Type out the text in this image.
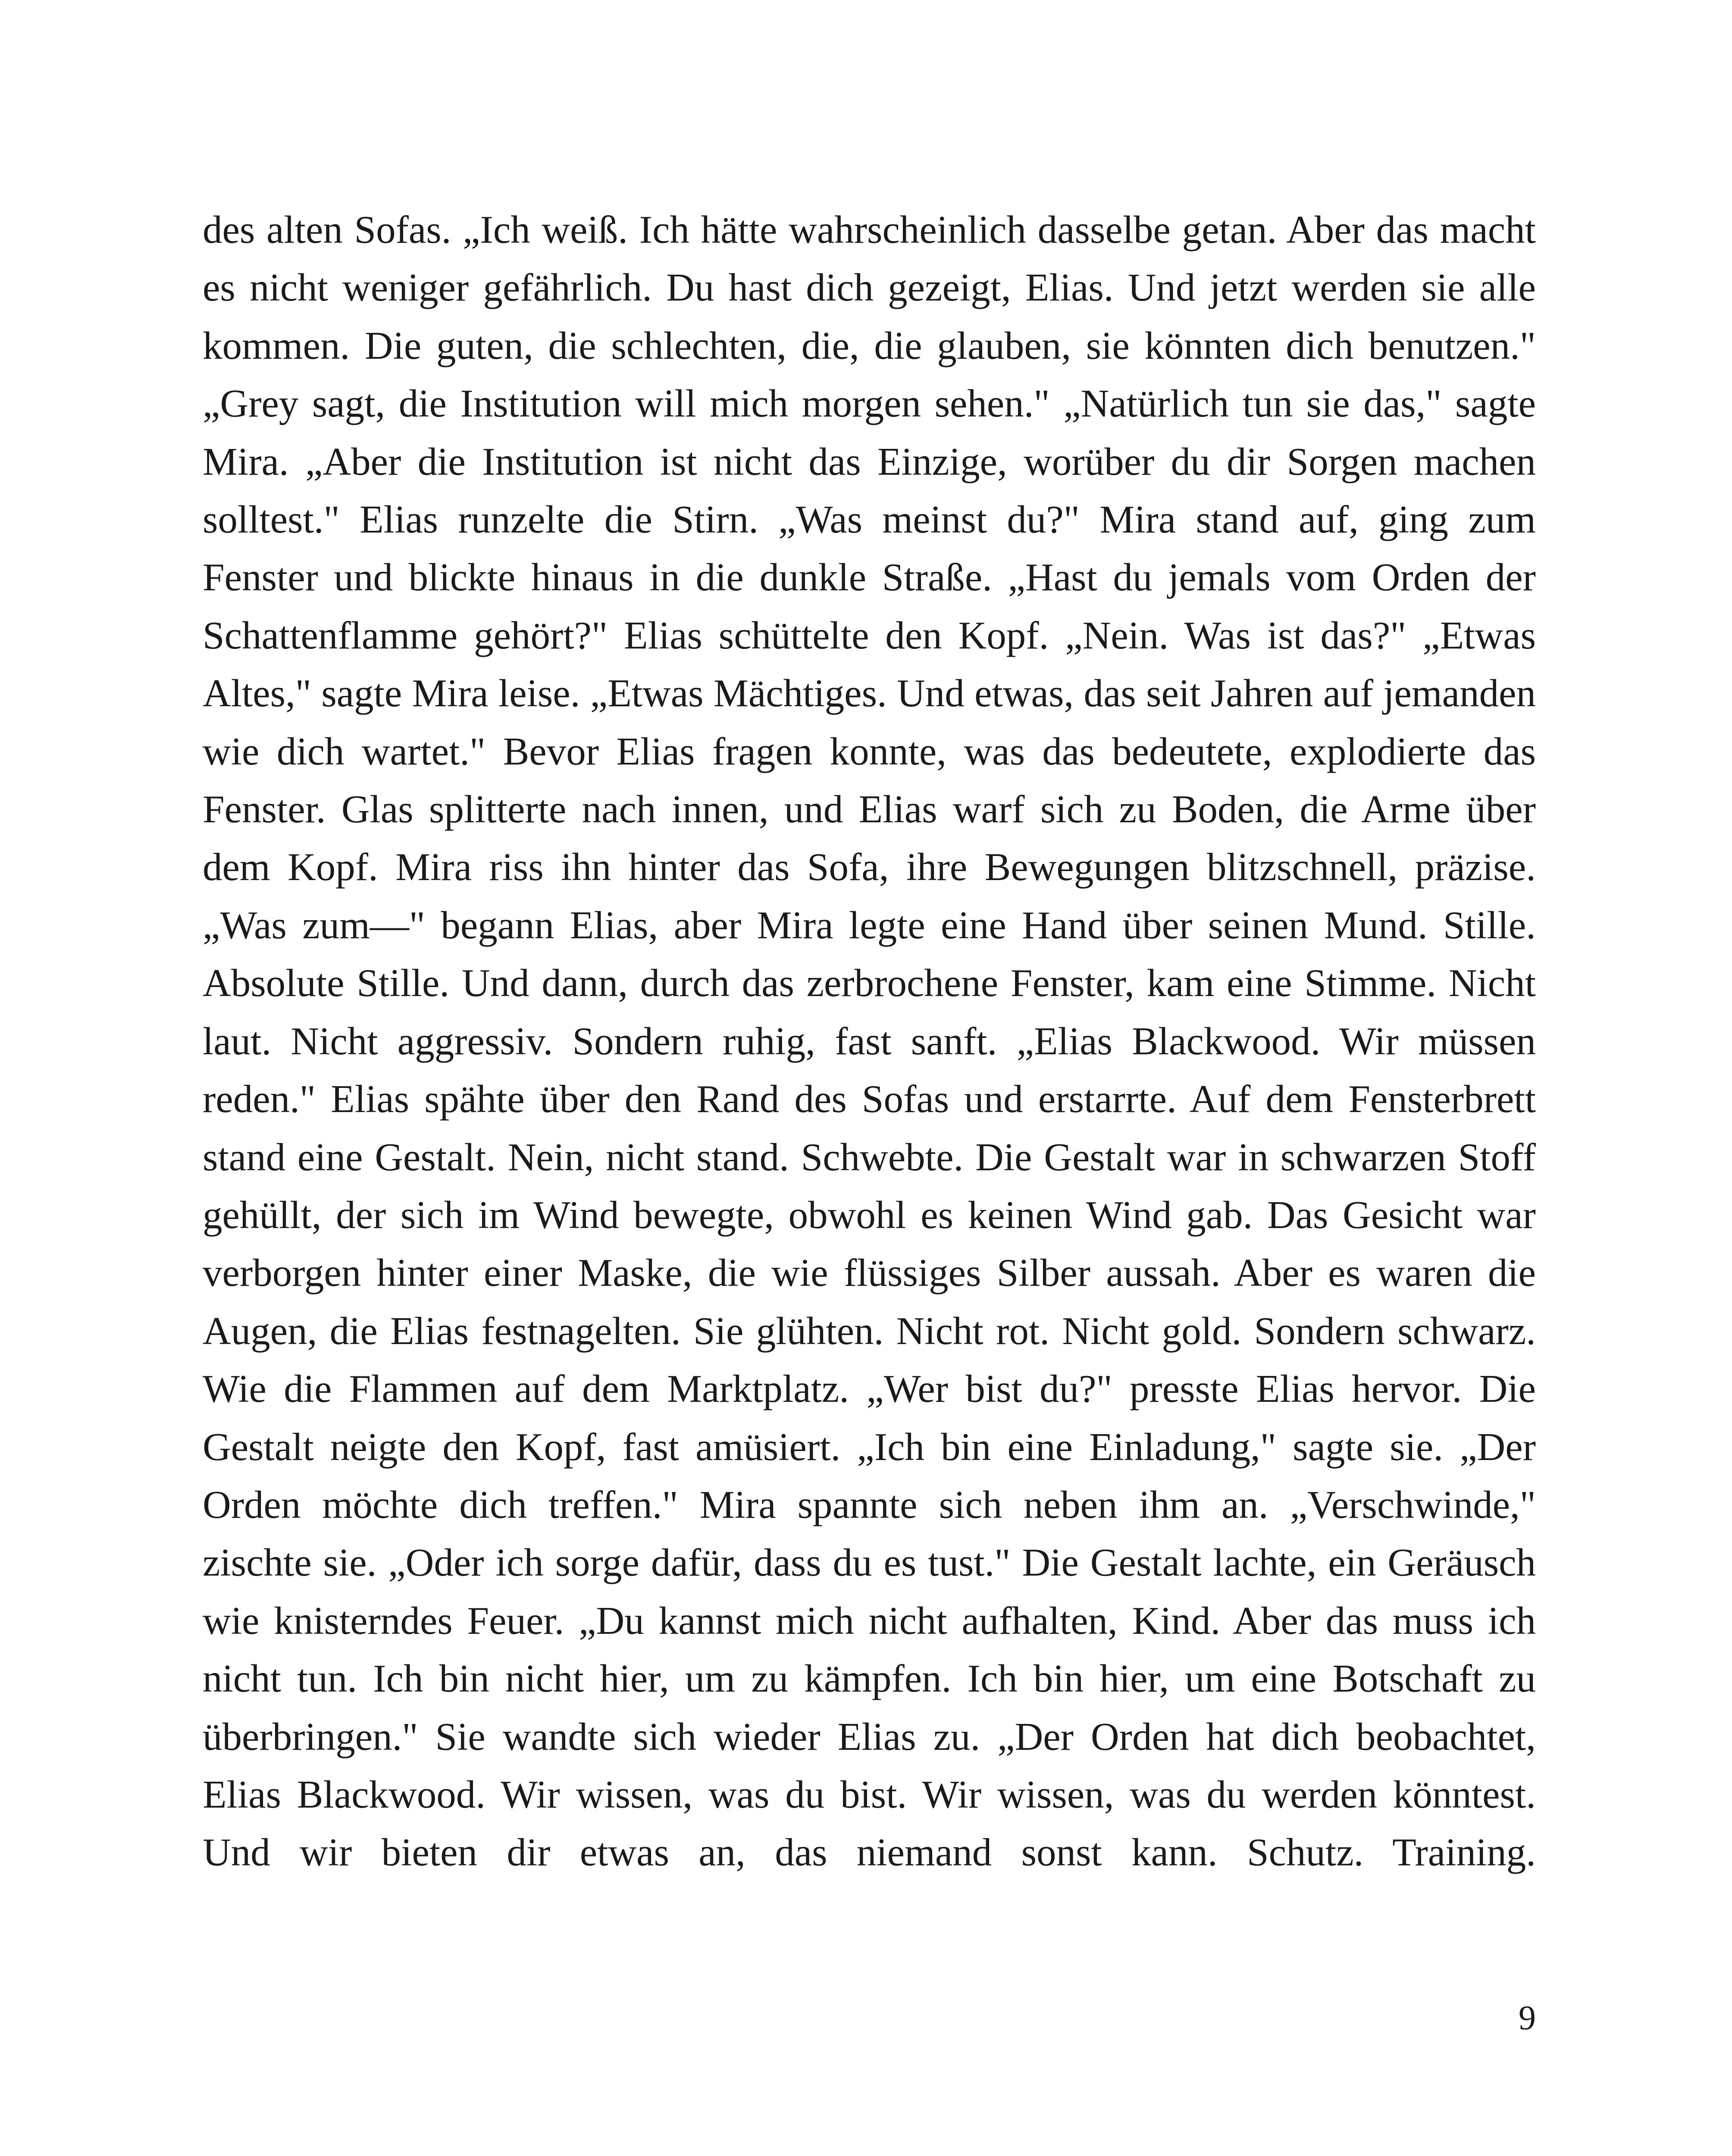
des alten Sofas. „Ich weiß. Ich hätte wahrscheinlich dasselbe getan. Aber das macht es nicht weniger gefährlich. Du hast dich gezeigt, Elias. Und jetzt werden sie alle kommen. Die guten, die schlechten, die, die glauben, sie könnten dich benutzen." „Grey sagt, die Institution will mich morgen sehen." „Natürlich tun sie das," sagte Mira. „Aber die Institution ist nicht das Einzige, worüber du dir Sorgen machen solltest." Elias runzelte die Stirn. „Was meinst du?" Mira stand auf, ging zum Fenster und blickte hinaus in die dunkle Straße. „Hast du jemals vom Orden der Schattenflamme gehört?" Elias schüttelte den Kopf. „Nein. Was ist das?" „Etwas Altes," sagte Mira leise. „Etwas Mächtiges. Und etwas, das seit Jahren auf jemanden wie dich wartet." Bevor Elias fragen konnte, was das bedeutete, explodierte das Fenster. Glas splitterte nach innen, und Elias warf sich zu Boden, die Arme über dem Kopf. Mira riss ihn hinter das Sofa, ihre Bewegungen blitzschnell, präzise. „Was zum—" begann Elias, aber Mira legte eine Hand über seinen Mund. Stille. Absolute Stille. Und dann, durch das zerbrochene Fenster, kam eine Stimme. Nicht laut. Nicht aggressiv. Sondern ruhig, fast sanft. „Elias Blackwood. Wir müssen reden." Elias spähte über den Rand des Sofas und erstarrte. Auf dem Fensterbrett stand eine Gestalt. Nein, nicht stand. Schwebte. Die Gestalt war in schwarzen Stoff gehüllt, der sich im Wind bewegte, obwohl es keinen Wind gab. Das Gesicht war verborgen hinter einer Maske, die wie flüssiges Silber aussah. Aber es waren die Augen, die Elias festnagelten. Sie glühten. Nicht rot. Nicht gold. Sondern schwarz. Wie die Flammen auf dem Marktplatz. „Wer bist du?" presste Elias hervor. Die Gestalt neigte den Kopf, fast amüsiert. „Ich bin eine Einladung," sagte sie. „Der Orden möchte dich treffen." Mira spannte sich neben ihm an. „Verschwinde," zischte sie. „Oder ich sorge dafür, dass du es tust." Die Gestalt lachte, ein Geräusch wie knisterndes Feuer. „Du kannst mich nicht aufhalten, Kind. Aber das muss ich nicht tun. Ich bin nicht hier, um zu kämpfen. Ich bin hier, um eine Botschaft zu überbringen." Sie wandte sich wieder Elias zu. „Der Orden hat dich beobachtet, Elias Blackwood. Wir wissen, was du bist. Wir wissen, was du werden könntest. Und wir bieten dir etwas an, das niemand sonst kann. Schutz. Training.

9
